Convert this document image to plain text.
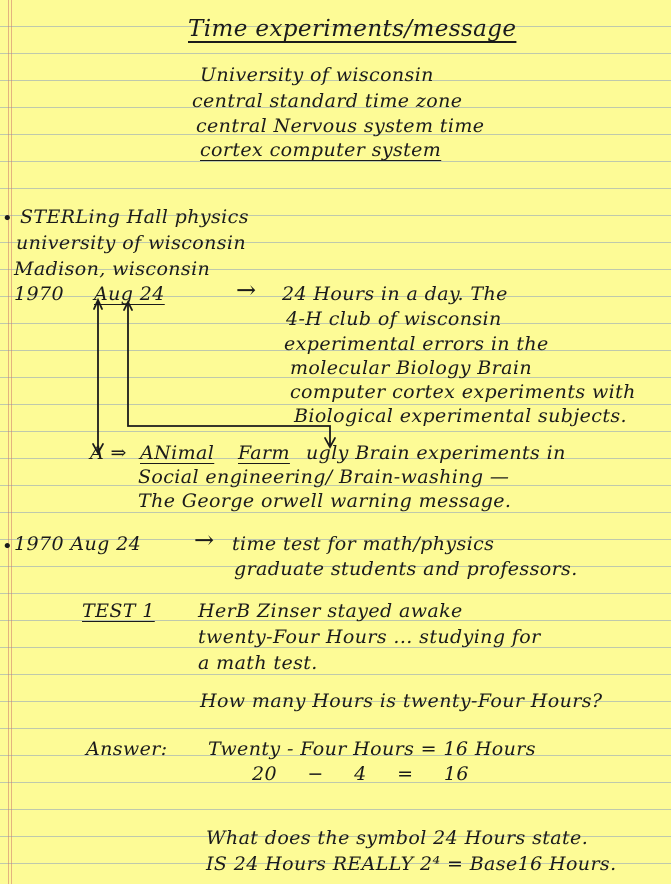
Time experiments/message
University of wisconsin
central standard time zone
central Nervous system time
cortex computer system
• STERLing Hall physics
university of wisconsin
Madison, wisconsin
1970 Aug 24	→ 24 Hours in a day. The
4-H club of wisconsin
experimental errors in the
molecular Biology Brain
computer cortex experiments with
Biological experimental subjects.
A ⇒ ANimal Farm ugly Brain experiments in
Social engineering/ Brain-washing —
The George orwell warning message.
• 1970 Aug 24 → time test for math/physics
graduate students and professors.
TEST 1 HerB Zinser stayed awake
twenty-Four Hours ... studying for
a math test.
How many Hours is twenty-Four Hours?
Answer: Twenty - Four Hours = 16 Hours
20 − 4 = 16
What does the symbol 24 Hours state.
IS 24 Hours REALLY 2⁴ = Base16 Hours.
